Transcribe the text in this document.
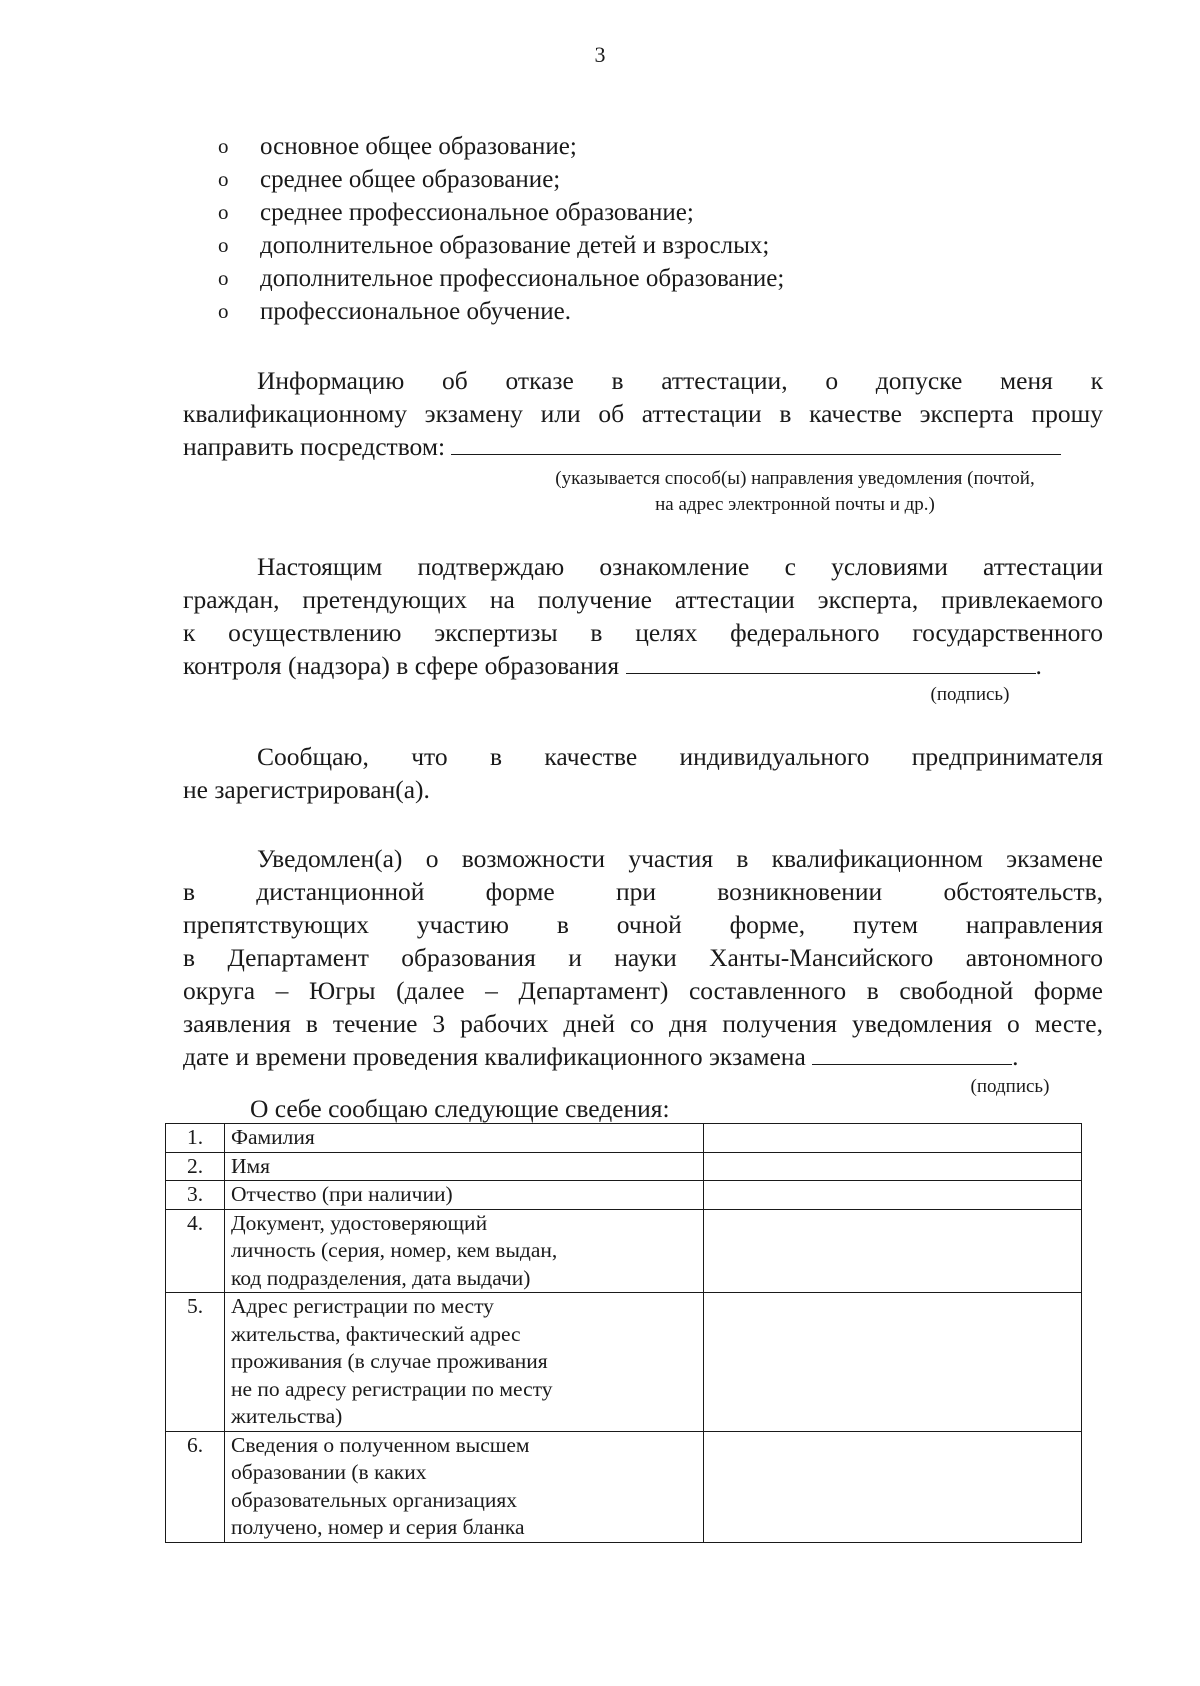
3
o основное общее образование;
o среднее общее образование;
o среднее профессиональное образование;
o дополнительное образование детей и взрослых;
o дополнительное профессиональное образование;
o профессиональное обучение.
Информацию об отказе в аттестации, о допуске меня к
квалификационному экзамену или об аттестации в качестве эксперта прошу
направить посредством:
(указывается способ(ы) направления уведомления (почтой,
на адрес электронной почты и др.)
Настоящим подтверждаю ознакомление с условиями аттестации
граждан, претендующих на получение аттестации эксперта, привлекаемого
к осуществлению экспертизы в целях федерального государственного
контроля (надзора) в сфере образования	.
(подпись)
Сообщаю, что в качестве индивидуального предпринимателя
не зарегистрирован(а).
Уведомлен(а) о возможности участия в квалификационном экзамене
в дистанционной форме при возникновении обстоятельств,
препятствующих участию в очной форме, путем направления
в Департамент образования и науки Ханты-Мансийского автономного
округа – Югры (далее – Департамент) составленного в свободной форме
заявления в течение 3 рабочих дней со дня получения уведомления о месте,
дате и времени проведения квалификационного экзамена	.
(подпись)
О себе сообщаю следующие сведения:
1.	Фамилия	

2.	Имя	

3.	Отчество (при наличии)	

4.	Документ, удостоверяющий
личность (серия, номер, кем выдан,
код подразделения, дата выдачи)	

5.	Адрес регистрации по месту
жительства, фактический адрес
проживания (в случае проживания
не по адресу регистрации по месту
жительства)	

6.	Сведения о полученном высшем
образовании (в каких
образовательных организациях
получено, номер и серия бланка	
